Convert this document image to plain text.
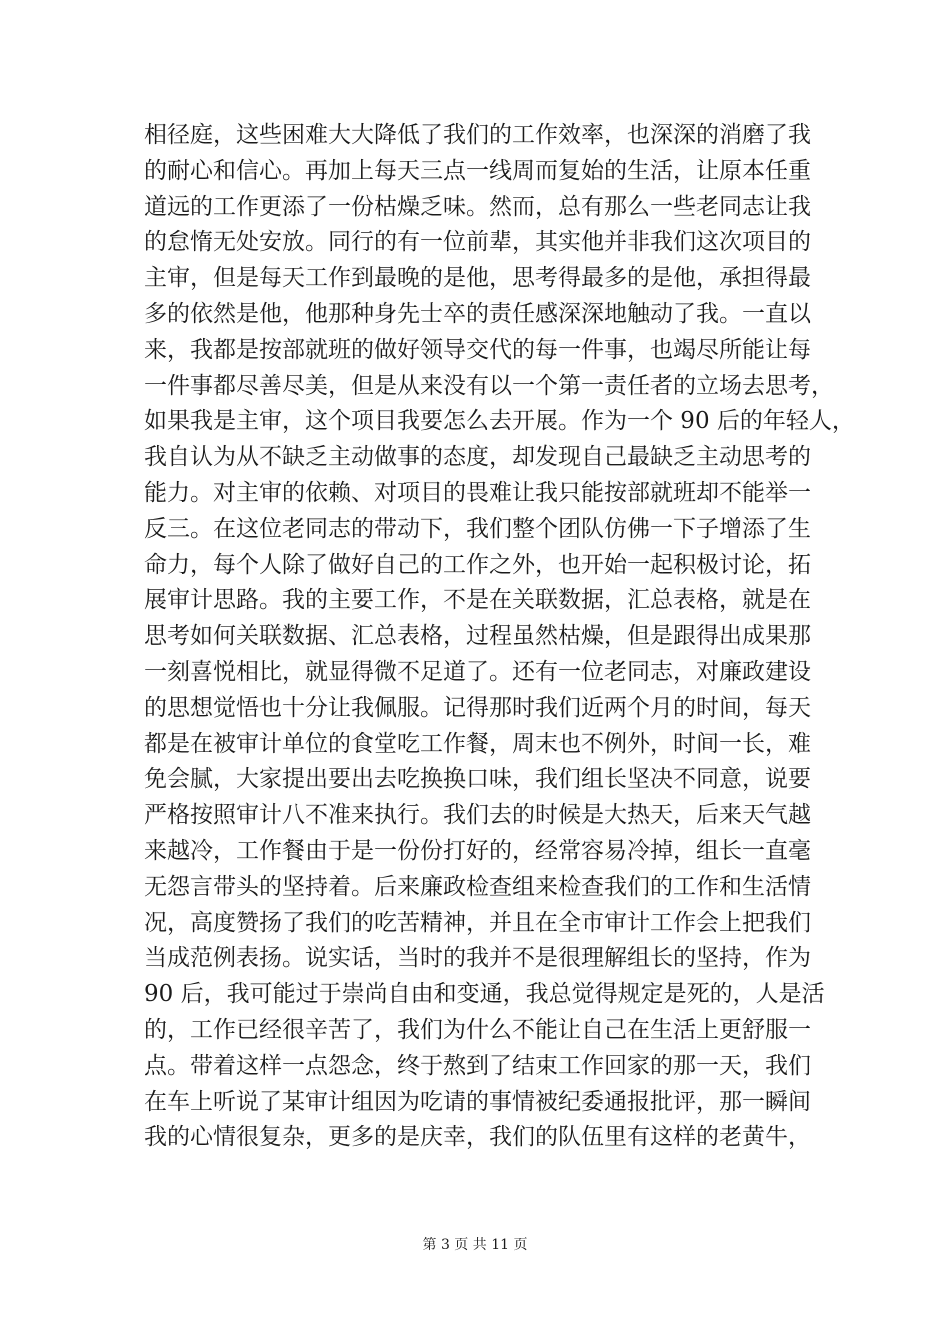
相径庭，这些困难大大降低了我们的工作效率，也深深的消磨了我
的耐心和信心。再加上每天三点一线周而复始的生活，让原本任重
道远的工作更添了一份枯燥乏味。然而，总有那么一些老同志让我
的怠惰无处安放。同行的有一位前辈，其实他并非我们这次项目的
主审，但是每天工作到最晚的是他，思考得最多的是他，承担得最
多的依然是他，他那种身先士卒的责任感深深地触动了我。一直以
来，我都是按部就班的做好领导交代的每一件事，也竭尽所能让每
一件事都尽善尽美，但是从来没有以一个第一责任者的立场去思考，
如果我是主审，这个项目我要怎么去开展。作为一个 90 后的年轻人，
我自认为从不缺乏主动做事的态度，却发现自己最缺乏主动思考的
能力。对主审的依赖、对项目的畏难让我只能按部就班却不能举一
反三。在这位老同志的带动下，我们整个团队仿佛一下子增添了生
命力，每个人除了做好自己的工作之外，也开始一起积极讨论，拓
展审计思路。我的主要工作，不是在关联数据，汇总表格，就是在
思考如何关联数据、汇总表格，过程虽然枯燥，但是跟得出成果那
一刻喜悦相比，就显得微不足道了。还有一位老同志，对廉政建设
的思想觉悟也十分让我佩服。记得那时我们近两个月的时间，每天
都是在被审计单位的食堂吃工作餐，周末也不例外，时间一长，难
免会腻，大家提出要出去吃换换口味，我们组长坚决不同意，说要
严格按照审计八不准来执行。我们去的时候是大热天，后来天气越
来越冷，工作餐由于是一份份打好的，经常容易冷掉，组长一直毫
无怨言带头的坚持着。后来廉政检查组来检查我们的工作和生活情
况，高度赞扬了我们的吃苦精神，并且在全市审计工作会上把我们
当成范例表扬。说实话，当时的我并不是很理解组长的坚持，作为
90 后，我可能过于崇尚自由和变通，我总觉得规定是死的，人是活
的，工作已经很辛苦了，我们为什么不能让自己在生活上更舒服一
点。带着这样一点怨念，终于熬到了结束工作回家的那一天，我们
在车上听说了某审计组因为吃请的事情被纪委通报批评，那一瞬间
我的心情很复杂，更多的是庆幸，我们的队伍里有这样的老黄牛，
第 3 页 共 11 页
